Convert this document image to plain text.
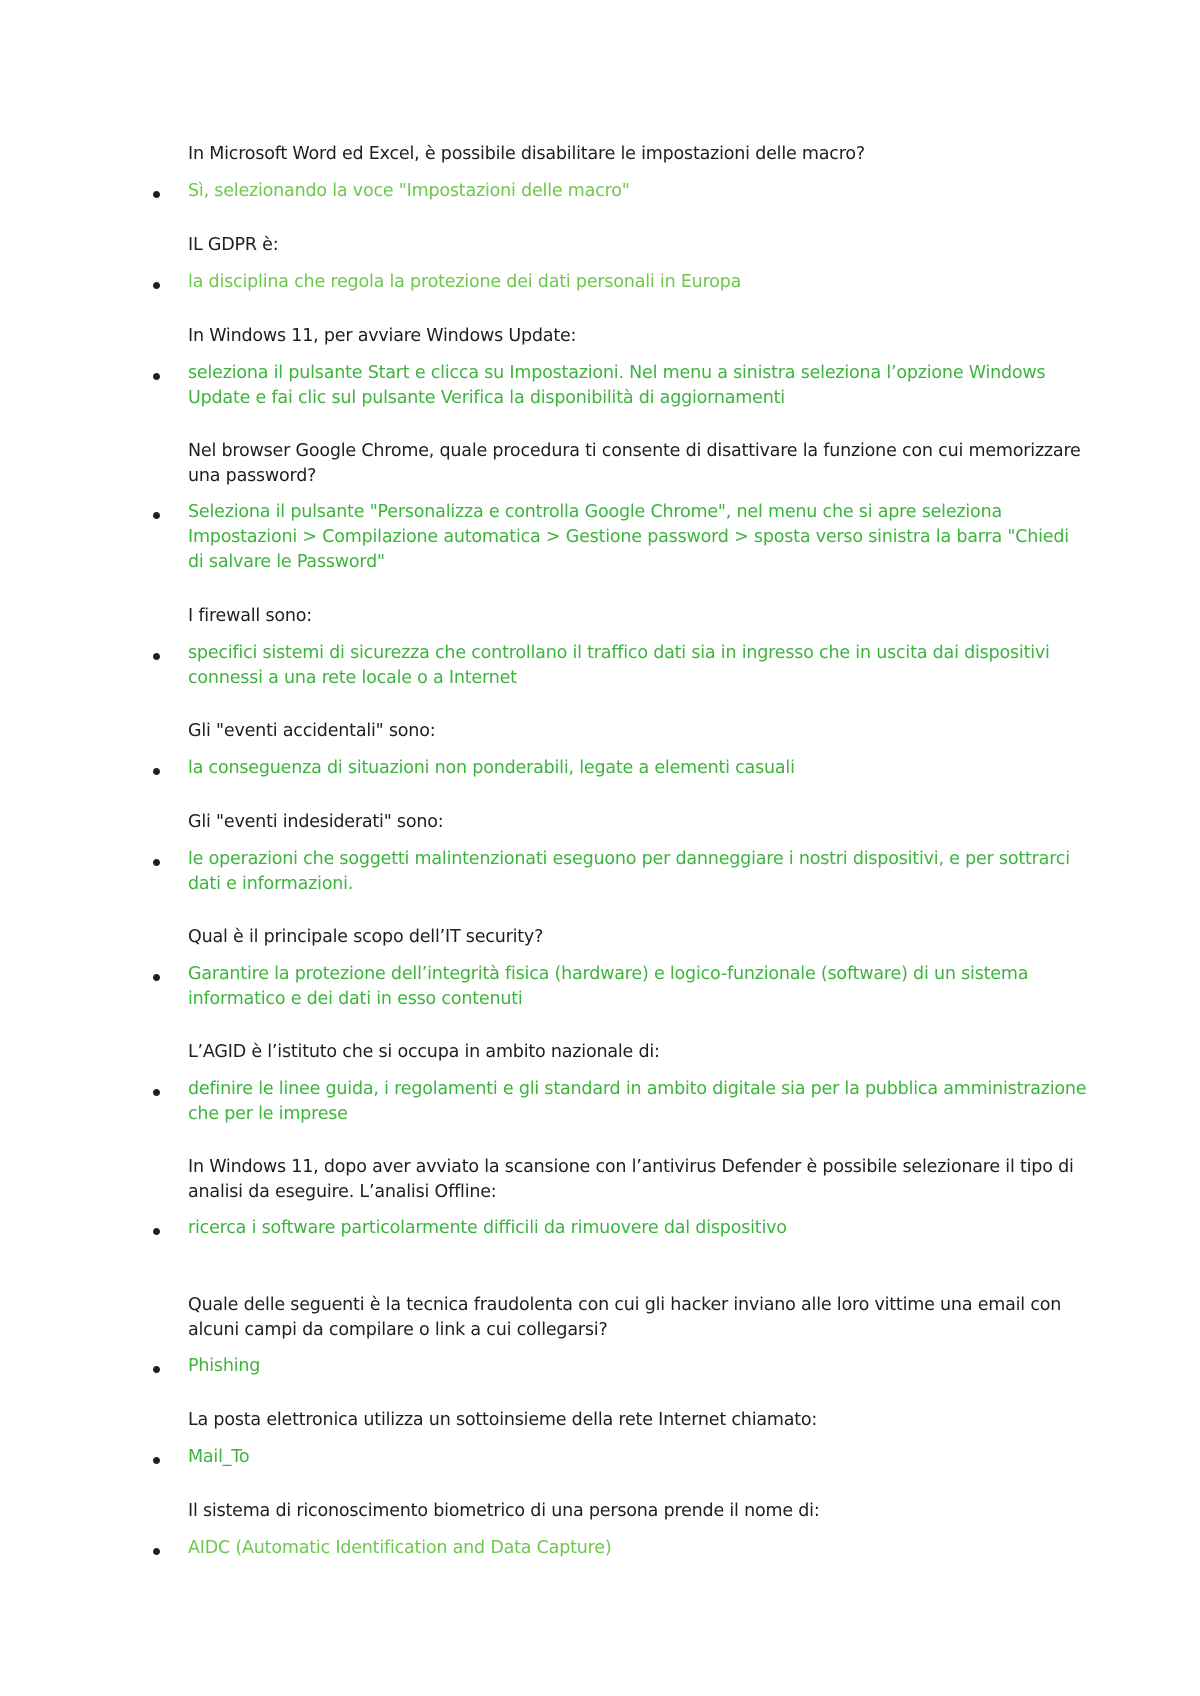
In Microsoft Word ed Excel, è possibile disabilitare le impostazioni delle macro?
Sì, selezionando la voce "Impostazioni delle macro"
IL GDPR è:
la disciplina che regola la protezione dei dati personali in Europa
In Windows 11, per avviare Windows Update:
seleziona il pulsante Start e clicca su Impostazioni. Nel menu a sinistra seleziona l’opzione Windows Update e fai clic sul pulsante Verifica la disponibilità di aggiornamenti
Nel browser Google Chrome, quale procedura ti consente di disattivare la funzione con cui memorizzare una password?
Seleziona il pulsante "Personalizza e controlla Google Chrome", nel menu che si apre seleziona Impostazioni > Compilazione automatica > Gestione password > sposta verso sinistra la barra "Chiedi di salvare le Password"
I firewall sono:
specifici sistemi di sicurezza che controllano il traffico dati sia in ingresso che in uscita dai dispositivi connessi a una rete locale o a Internet
Gli "eventi accidentali" sono:
la conseguenza di situazioni non ponderabili, legate a elementi casuali
Gli "eventi indesiderati" sono:
le operazioni che soggetti malintenzionati eseguono per danneggiare i nostri dispositivi, e per sottrarci dati e informazioni.
Qual è il principale scopo dell’IT security?
Garantire la protezione dell’integrità fisica (hardware) e logico-funzionale (software) di un sistema informatico e dei dati in esso contenuti
L’AGID è l’istituto che si occupa in ambito nazionale di:
definire le linee guida, i regolamenti e gli standard in ambito digitale sia per la pubblica amministrazione che per le imprese
In Windows 11, dopo aver avviato la scansione con l’antivirus Defender è possibile selezionare il tipo di analisi da eseguire. L’analisi Offline:
ricerca i software particolarmente difficili da rimuovere dal dispositivo
Quale delle seguenti è la tecnica fraudolenta con cui gli hacker inviano alle loro vittime una email con alcuni campi da compilare o link a cui collegarsi?
Phishing
La posta elettronica utilizza un sottoinsieme della rete Internet chiamato:
Mail_To
Il sistema di riconoscimento biometrico di una persona prende il nome di:
AIDC (Automatic Identification and Data Capture)
